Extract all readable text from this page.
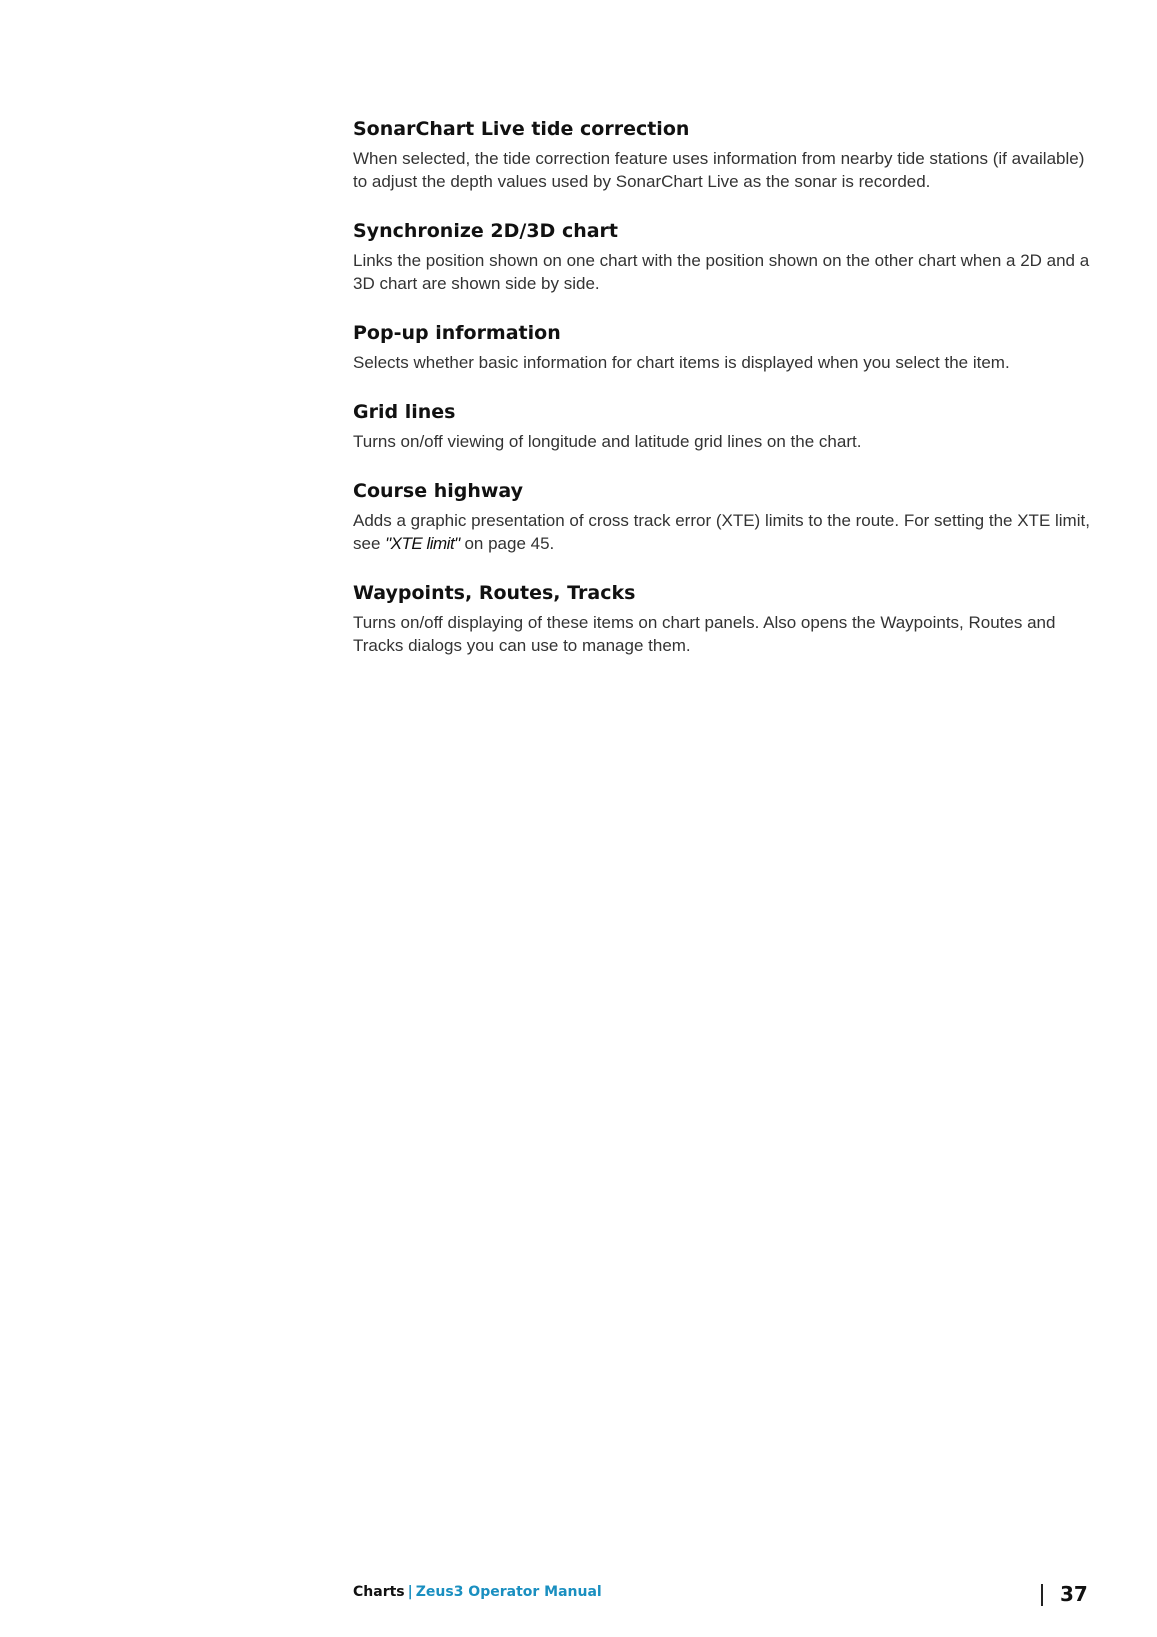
SonarChart Live tide correction

When selected, the tide correction feature uses information from nearby tide stations (if available) to adjust the depth values used by SonarChart Live as the sonar is recorded.

Synchronize 2D/3D chart

Links the position shown on one chart with the position shown on the other chart when a 2D and a 3D chart are shown side by side.

Pop-up information

Selects whether basic information for chart items is displayed when you select the item.

Grid lines

Turns on/off viewing of longitude and latitude grid lines on the chart.

Course highway

Adds a graphic presentation of cross track error (XTE) limits to the route. For setting the XTE limit, see "XTE limit" on page 45.

Waypoints, Routes, Tracks

Turns on/off displaying of these items on chart panels. Also opens the Waypoints, Routes and Tracks dialogs you can use to manage them.

Charts | Zeus3 Operator Manual	37
